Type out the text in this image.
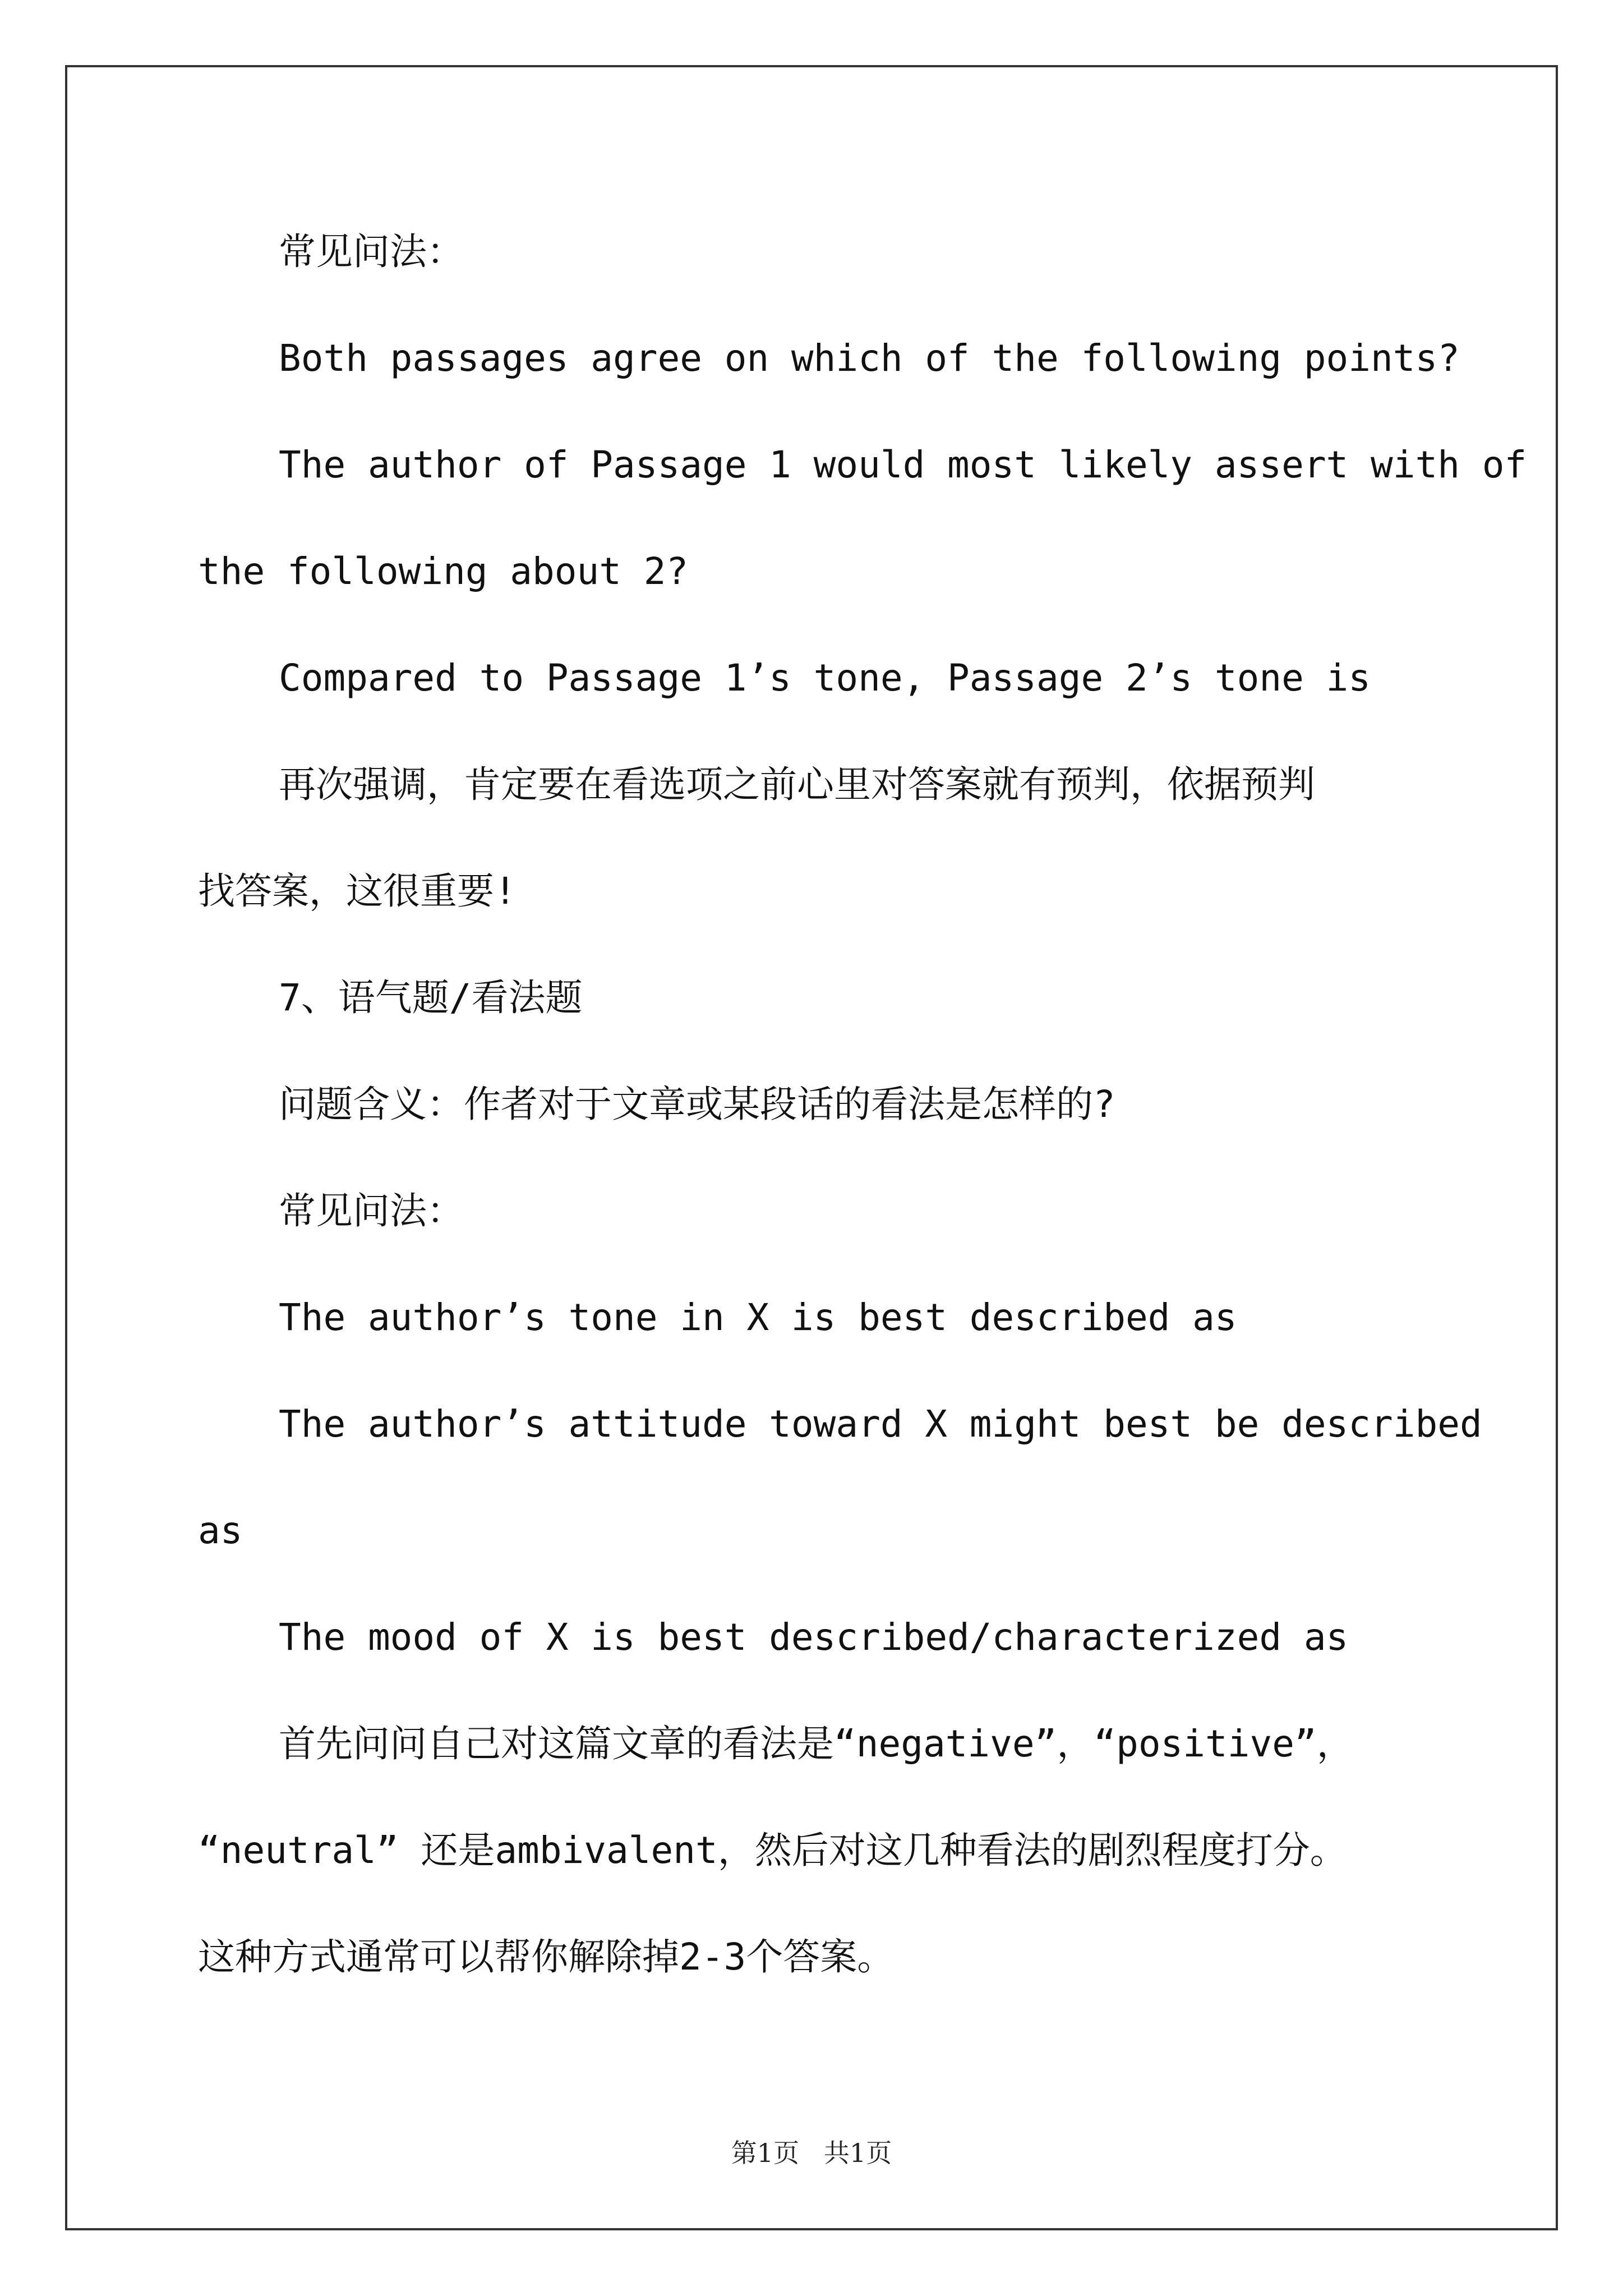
常见问法：
Both passages agree on which of the following points?
The author of Passage 1 would most likely assert with of
the following about 2?
Compared to Passage 1’s tone, Passage 2’s tone is
再次强调，肯定要在看选项之前心里对答案就有预判，依据预判
找答案，这很重要!
7、语气题/看法题
问题含义：作者对于文章或某段话的看法是怎样的?
常见问法：
The author’s tone in X is best described as
The author’s attitude toward X might best be described
as
The mood of X is best described/characterized as
首先问问自己对这篇文章的看法是“negative”，“positive”，
“neutral” 还是ambivalent，然后对这几种看法的剧烈程度打分。
这种方式通常可以帮你解除掉2-3个答案。
第1页   共1页
